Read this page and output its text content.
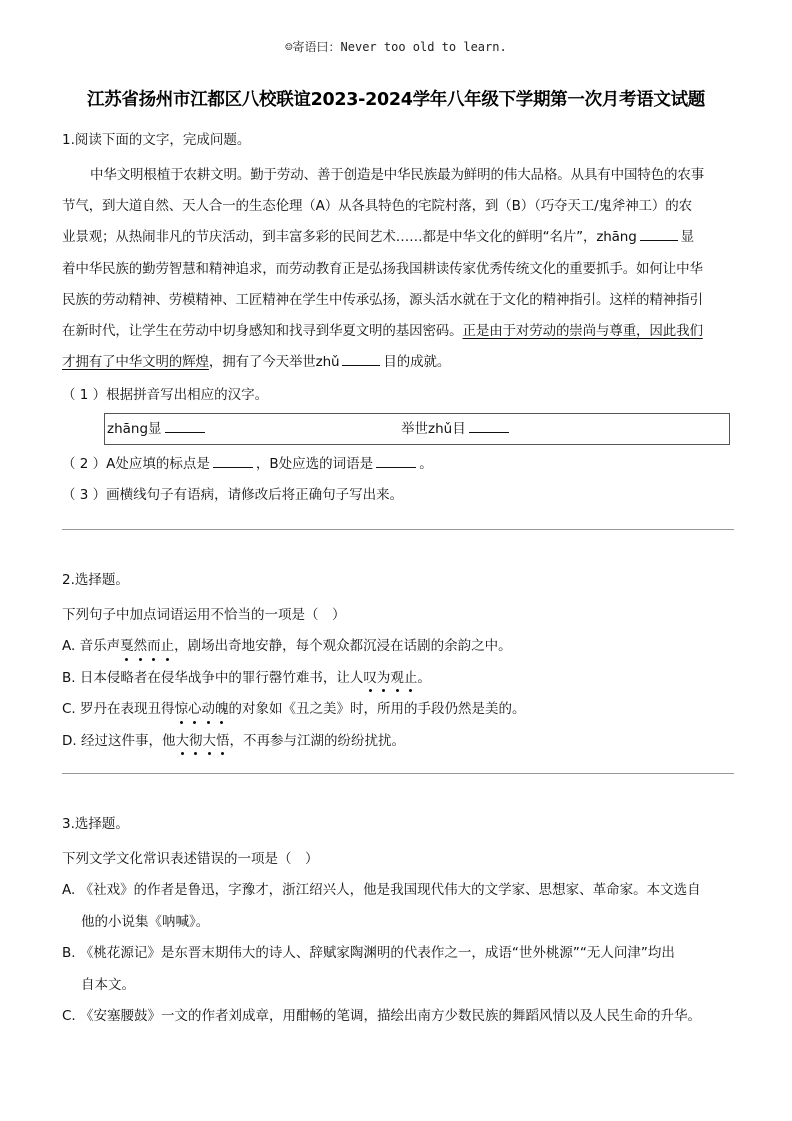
☺寄语曰：Never too old to learn.
江苏省扬州市江都区八校联谊2023-2024学年八年级下学期第一次月考语文试题
1.阅读下面的文字，完成问题。
中华文明根植于农耕文明。勤于劳动、善于创造是中华民族最为鲜明的伟大品格。从具有中国特色的农事
节气，到大道自然、天人合一的生态伦理（A）从各具特色的宅院村落，到（B）（巧夺天工/鬼斧神工）的农
业景观；从热闹非凡的节庆活动，到丰富多彩的民间艺术……都是中华文化的鲜明“名片”，zhāng	显
着中华民族的勤劳智慧和精神追求，而劳动教育正是弘扬我国耕读传家优秀传统文化的重要抓手。如何让中华
民族的劳动精神、劳模精神、工匠精神在学生中传承弘扬，源头活水就在于文化的精神指引。这样的精神指引
在新时代，让学生在劳动中切身感知和找寻到华夏文明的基因密码。正是由于对劳动的崇尚与尊重，因此我们
才拥有了中华文明的辉煌，拥有了今天举世zhǔ	目的成就。
（ 1 ）根据拼音写出相应的汉字。
zhāng显	举世zhǔ目
（ 2 ）A处应填的标点是	，B处应选的词语是	。
（ 3 ）画横线句子有语病，请修改后将正确句子写出来。
2.选择题。
下列句子中加点词语运用不恰当的一项是（　）
A. 音乐声戛然而止，剧场出奇地安静，每个观众都沉浸在话剧的余韵之中。
B. 日本侵略者在侵华战争中的罪行罄竹难书，让人叹为观止。
C. 罗丹在表现丑得惊心动魄的对象如《丑之美》时，所用的手段仍然是美的。
D. 经过这件事，他大彻大悟，不再参与江湖的纷纷扰扰。
3.选择题。
下列文学文化常识表述错误的一项是（　）
A. 《社戏》的作者是鲁迅，字豫才，浙江绍兴人，他是我国现代伟大的文学家、思想家、革命家。本文选自
他的小说集《呐喊》。
B. 《桃花源记》是东晋末期伟大的诗人、辞赋家陶渊明的代表作之一，成语“世外桃源”“无人问津”均出
自本文。
C. 《安塞腰鼓》一文的作者刘成章，用酣畅的笔调，描绘出南方少数民族的舞蹈风情以及人民生命的升华。
